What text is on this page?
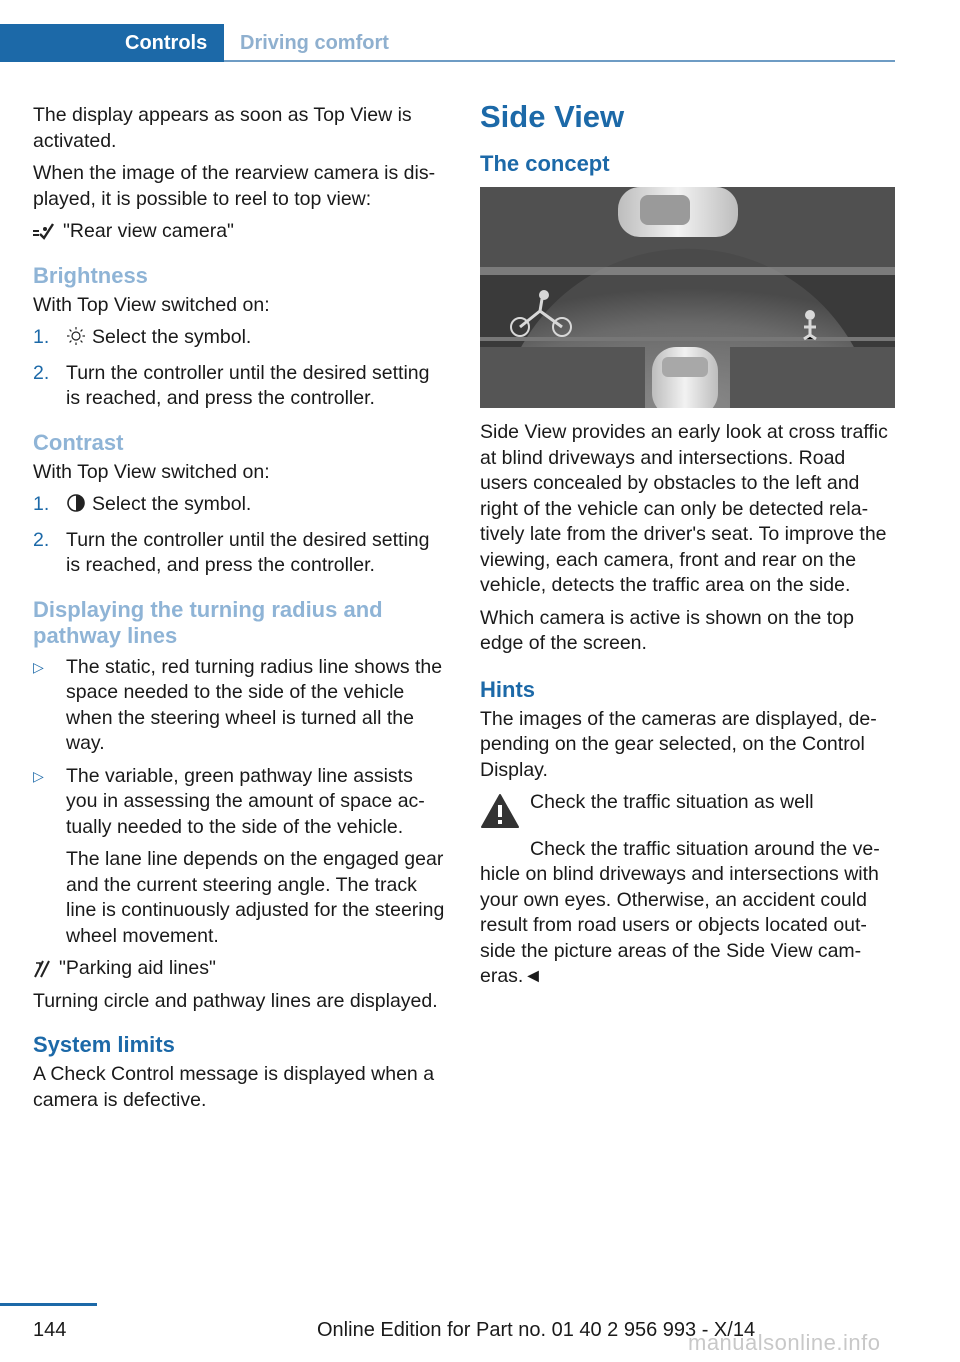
Controls	Driving comfort

The display appears as soon as Top View is activated.

When the image of the rearview camera is dis‐played, it is possible to reel to top view:

"Rear view camera"
Brightness

With Top View switched on:

1.	Select the symbol.
2. Turn the controller until the desired setting is reached, and press the controller.
Contrast

With Top View switched on:

1.	Select the symbol.
2. Turn the controller until the desired setting is reached, and press the controller.
Displaying the turning radius and pathway lines
▷	The static, red turning radius line shows the space needed to the side of the vehicle when the steering wheel is turned all the way.
▷	The variable, green pathway line assists you in assessing the amount of space ac‐tually needed to the side of the vehicle.

The lane line depends on the engaged gear and the current steering angle. The track line is continuously adjusted for the steering wheel movement.

"Parking aid lines"

Turning circle and pathway lines are displayed.

System limits

A Check Control message is displayed when a camera is defective.

Side View
The concept

Side View provides an early look at cross traffic at blind driveways and intersections. Road users concealed by obstacles to the left and right of the vehicle can only be detected rela‐tively late from the driver's seat. To improve the viewing, each camera, front and rear on the vehicle, detects the traffic area on the side.

Which camera is active is shown on the top edge of the screen.

Hints

The images of the cameras are displayed, de‐pending on the gear selected, on the Control Display.

Check the traffic situation as well

Check the traffic situation around the ve‐hicle on blind driveways and intersections with your own eyes. Otherwise, an accident could result from road users or objects located out‐side the picture areas of the Side View cam‐eras.◄

144	Online Edition for Part no. 01 40 2 956 993 - X/14
manualsonline.info
